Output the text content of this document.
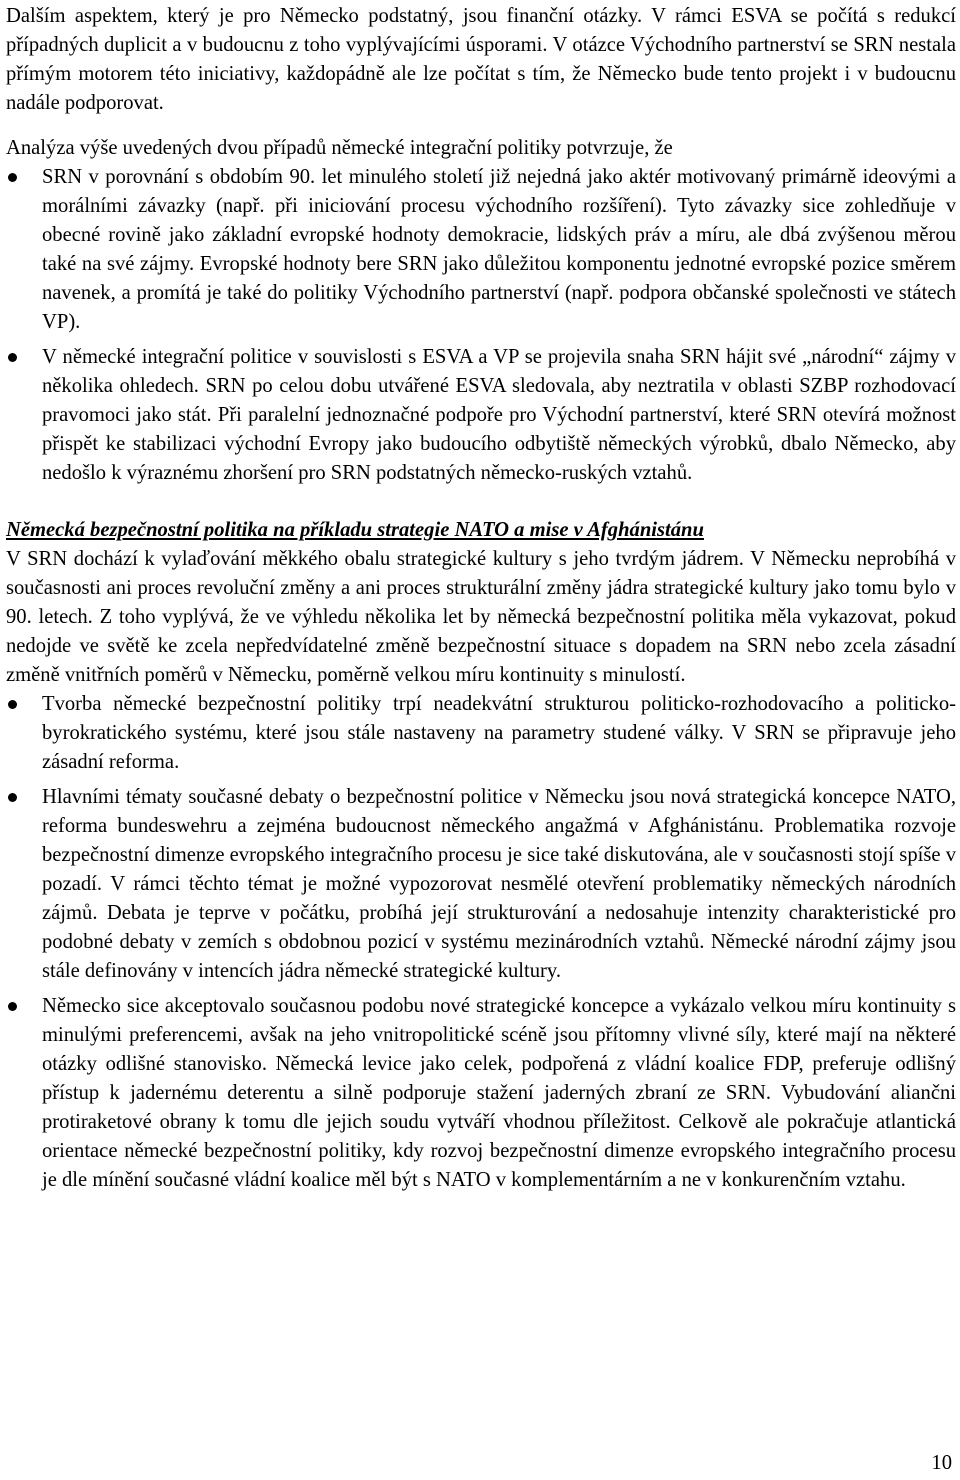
Dalším aspektem, který je pro Německo podstatný, jsou finanční otázky. V rámci ESVA se počítá s redukcí případných duplicit a v budoucnu z toho vyplývajícími úsporami. V otázce Východního partnerství se SRN nestala přímým motorem této iniciativy, každopádně ale lze počítat s tím, že Německo bude tento projekt i v budoucnu nadále podporovat.

Analýza výše uvedených dvou případů německé integrační politiky potvrzuje, že

SRN v porovnání s obdobím 90. let minulého století již nejedná jako aktér motivovaný primárně ideovými a morálními závazky (např. při iniciování procesu východního rozšíření). Tyto závazky sice zohledňuje v obecné rovině jako základní evropské hodnoty demokracie, lidských práv a míru, ale dbá zvýšenou měrou také na své zájmy. Evropské hodnoty bere SRN jako důležitou komponentu jednotné evropské pozice směrem navenek, a promítá je také do politiky Východního partnerství (např. podpora občanské společnosti ve státech VP).
V německé integrační politice v souvislosti s ESVA a VP se projevila snaha SRN hájit své „národní“ zájmy v několika ohledech. SRN po celou dobu utvářené ESVA sledovala, aby neztratila v oblasti SZBP rozhodovací pravomoci jako stát. Při paralelní jednoznačné podpoře pro Východní partnerství, které SRN otevírá možnost přispět ke stabilizaci východní Evropy jako budoucího odbytiště německých výrobků, dbalo Německo, aby nedošlo k výraznému zhoršení pro SRN podstatných německo-ruských vztahů.

Německá bezpečnostní politika na příkladu strategie NATO a mise v Afghánistánu

V SRN dochází k vylaďování měkkého obalu strategické kultury s jeho tvrdým jádrem. V Německu neprobíhá v současnosti ani proces revoluční změny a ani proces strukturální změny jádra strategické kultury jako tomu bylo v 90. letech. Z toho vyplývá, že ve výhledu několika let by německá bezpečnostní politika měla vykazovat, pokud nedojde ve světě ke zcela nepředvídatelné změně bezpečnostní situace s dopadem na SRN nebo zcela zásadní změně vnitřních poměrů v Německu, poměrně velkou míru kontinuity s minulostí.

Tvorba německé bezpečnostní politiky trpí neadekvátní strukturou politicko-rozhodovacího a politicko-byrokratického systému, které jsou stále nastaveny na parametry studené války. V SRN se připravuje jeho zásadní reforma.
Hlavními tématy současné debaty o bezpečnostní politice v Německu jsou nová strategická koncepce NATO, reforma bundeswehru a zejména budoucnost německého angažmá v Afghánistánu. Problematika rozvoje bezpečnostní dimenze evropského integračního procesu je sice také diskutována, ale v současnosti stojí spíše v pozadí. V rámci těchto témat je možné vypozorovat nesmělé otevření problematiky německých národních zájmů. Debata je teprve v počátku, probíhá její strukturování a nedosahuje intenzity charakteristické pro podobné debaty v zemích s obdobnou pozicí v systému mezinárodních vztahů. Německé národní zájmy jsou stále definovány v intencích jádra německé strategické kultury.
Německo sice akceptovalo současnou podobu nové strategické koncepce a vykázalo velkou míru kontinuity s minulými preferencemi, avšak na jeho vnitropolitické scéně jsou přítomny vlivné síly, které mají na některé otázky odlišné stanovisko. Německá levice jako celek, podpořená z vládní koalice FDP, preferuje odlišný přístup k jadernému deterentu a silně podporuje stažení jaderných zbraní ze SRN. Vybudování aliančni protiraketové obrany k tomu dle jejich soudu vytváří vhodnou příležitost. Celkově ale pokračuje atlantická orientace německé bezpečnostní politiky, kdy rozvoj bezpečnostní dimenze evropského integračního procesu je dle mínění současné vládní koalice měl být s NATO v komplementárním a ne v konkurenčním vztahu.
10
